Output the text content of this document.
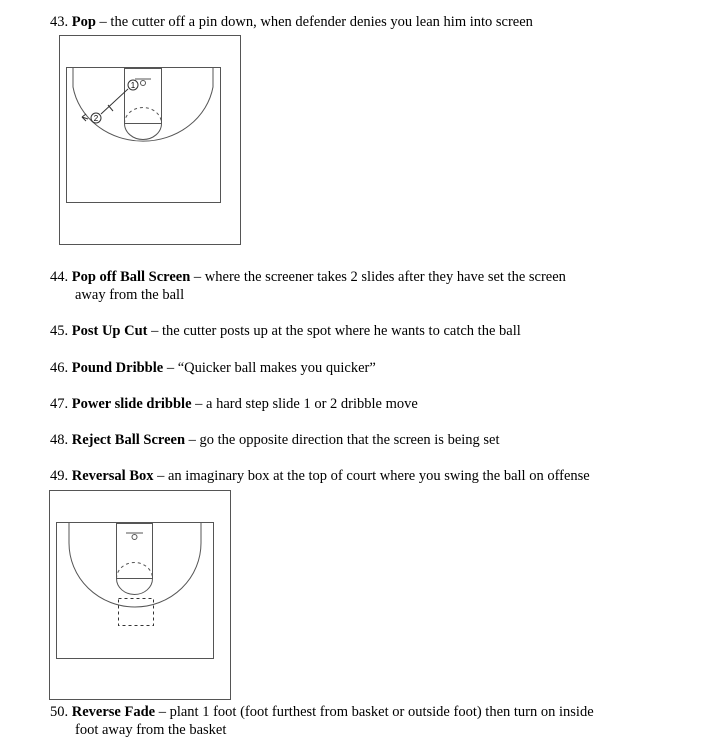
43. Pop – the cutter off a pin down, when defender denies you lean him into screen
1
2
44. Pop off Ball Screen – where the screener takes 2 slides after they have set the screen
away from the ball
45. Post Up Cut – the cutter posts up at the spot where he wants to catch the ball
46. Pound Dribble – “Quicker ball makes you quicker”
47. Power slide dribble – a hard step slide 1 or 2 dribble move
48. Reject Ball Screen – go the opposite direction that the screen is being set
49. Reversal Box – an imaginary box at the top of court where you swing the ball on offense
50. Reverse Fade – plant 1 foot (foot furthest from basket or outside foot) then turn on inside
foot away from the basket
